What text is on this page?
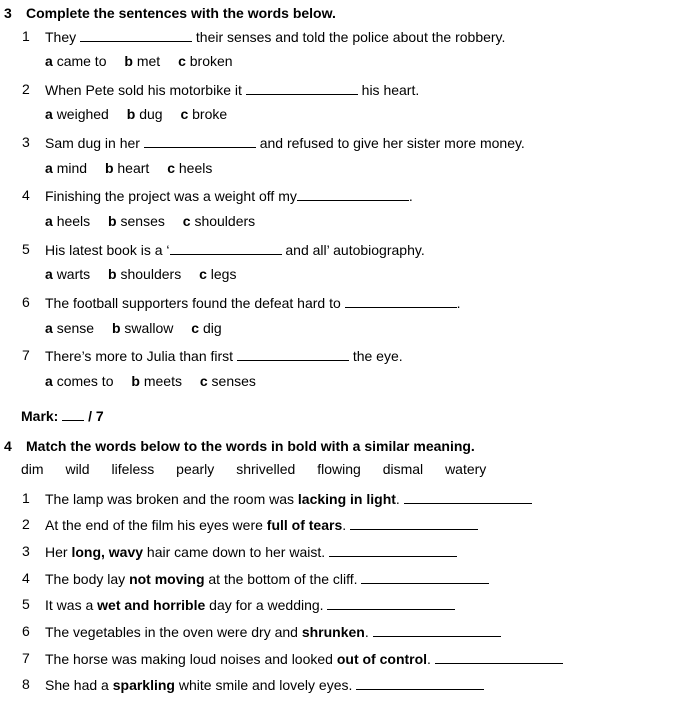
3 Complete the sentences with the words below.
1 They	their senses and told the police about the robbery.
a came to b met c broken
2 When Pete sold his motorbike it	his heart.
a weighed b dug c broke
3 Sam dug in her	and refused to give her sister more money.
a mind b heart c heels
4 Finishing the project was a weight off my	.
a heels b senses c shoulders
5 His latest book is a ‘	and all’ autobiography.
a warts b shoulders c legs
6 The football supporters found the defeat hard to	.
a sense b swallow c dig
7 There’s more to Julia than first	the eye.
a comes to b meets c senses
Mark: / 7
4 Match the words below to the words in bold with a similar meaning.
dim wild lifeless pearly shrivelled flowing dismal watery
1 The lamp was broken and the room was lacking in light.
2 At the end of the film his eyes were full of tears.
3 Her long, wavy hair came down to her waist.
4 The body lay not moving at the bottom of the cliff.
5 It was a wet and horrible day for a wedding.
6 The vegetables in the oven were dry and shrunken.
7 The horse was making loud noises and looked out of control.
8 She had a sparkling white smile and lovely eyes.
